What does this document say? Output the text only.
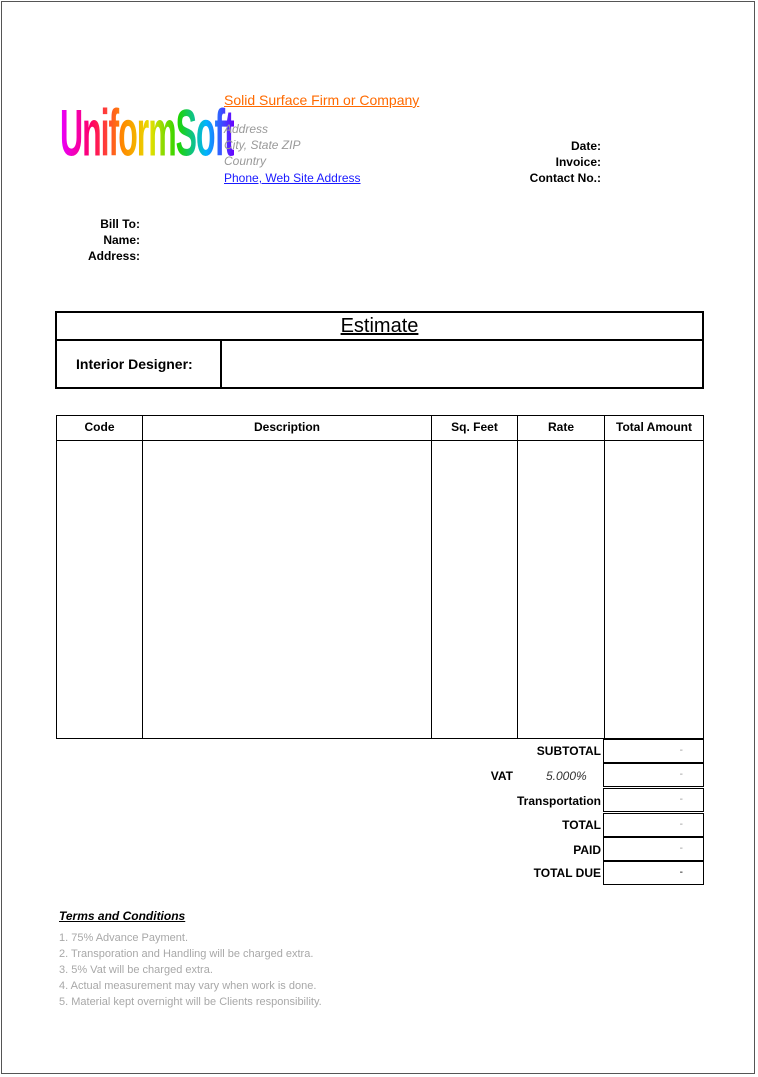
UniformSoft
Solid Surface Firm or Company
Address
City, State ZIP
Country
Phone, Web Site Address
Date:
Invoice:
Contact No.:
Bill To:
Name:
Address:
Estimate
Interior Designer:
Code	Description	Sq. Feet	Rate	Total Amount
SUBTOTAL	-
VAT	5.000%	-
Transportation	-
TOTAL	-
PAID	-
TOTAL DUE	-
Terms and Conditions
1. 75% Advance Payment.
2. Transporation and Handling will be charged extra.
3. 5% Vat will be charged extra.
4. Actual measurement may vary when work is done.
5. Material kept overnight will be Clients responsibility.
